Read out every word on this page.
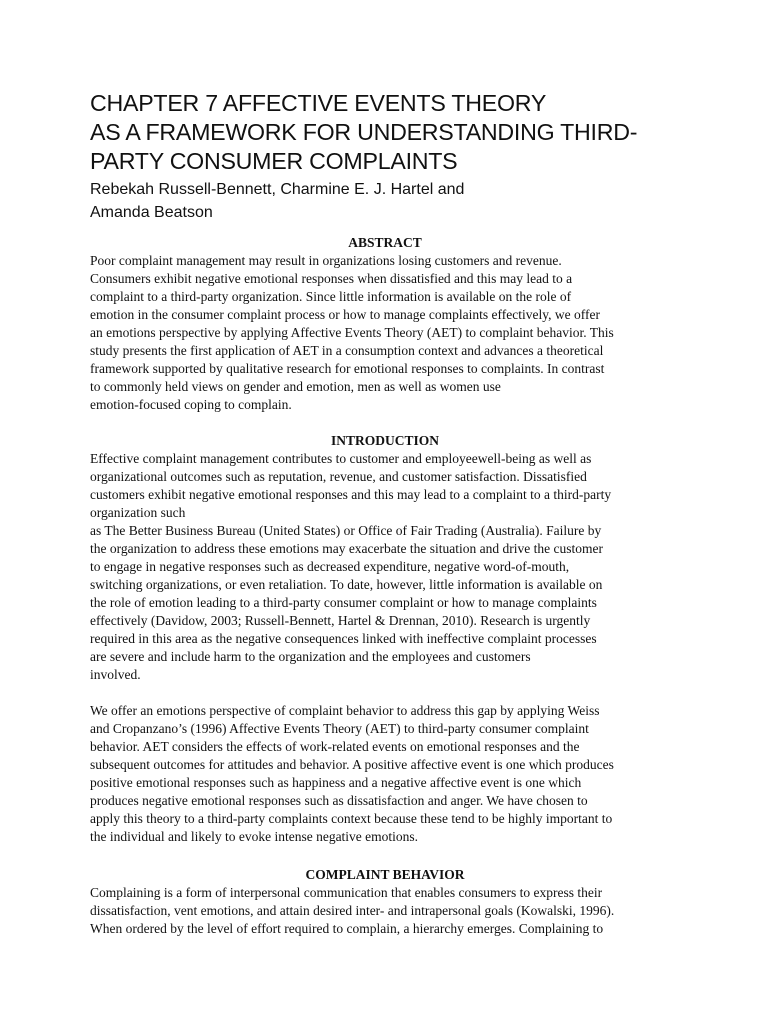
CHAPTER 7 AFFECTIVE EVENTS THEORY
AS A FRAMEWORK FOR UNDERSTANDING THIRD-
PARTY CONSUMER COMPLAINTS
Rebekah Russell-Bennett, Charmine E. J. Hartel and
Amanda Beatson
ABSTRACT

Poor complaint management may result in organizations losing customers and revenue.
Consumers exhibit negative emotional responses when dissatisfied and this may lead to a
complaint to a third-party organization. Since little information is available on the role of
emotion in the consumer complaint process or how to manage complaints effectively, we offer
an emotions perspective by applying Affective Events Theory (AET) to complaint behavior. This
study presents the first application of AET in a consumption context and advances a theoretical
framework supported by qualitative research for emotional responses to complaints. In contrast
to commonly held views on gender and emotion, men as well as women use
emotion-focused coping to complain.

INTRODUCTION

Effective complaint management contributes to customer and employeewell-being as well as
organizational outcomes such as reputation, revenue, and customer satisfaction. Dissatisfied
customers exhibit negative emotional responses and this may lead to a complaint to a third-party
organization such
as The Better Business Bureau (United States) or Office of Fair Trading (Australia). Failure by
the organization to address these emotions may exacerbate the situation and drive the customer
to engage in negative responses such as decreased expenditure, negative word-of-mouth,
switching organizations, or even retaliation. To date, however, little information is available on
the role of emotion leading to a third-party consumer complaint or how to manage complaints
effectively (Davidow, 2003; Russell-Bennett, Hartel & Drennan, 2010). Research is urgently
required in this area as the negative consequences linked with ineffective complaint processes
are severe and include harm to the organization and the employees and customers
involved.

We offer an emotions perspective of complaint behavior to address this gap by applying Weiss
and Cropanzano’s (1996) Affective Events Theory (AET) to third-party consumer complaint
behavior. AET considers the effects of work-related events on emotional responses and the
subsequent outcomes for attitudes and behavior. A positive affective event is one which produces
positive emotional responses such as happiness and a negative affective event is one which
produces negative emotional responses such as dissatisfaction and anger. We have chosen to
apply this theory to a third-party complaints context because these tend to be highly important to
the individual and likely to evoke intense negative emotions.

COMPLAINT BEHAVIOR

Complaining is a form of interpersonal communication that enables consumers to express their
dissatisfaction, vent emotions, and attain desired inter- and intrapersonal goals (Kowalski, 1996).
When ordered by the level of effort required to complain, a hierarchy emerges. Complaining to
